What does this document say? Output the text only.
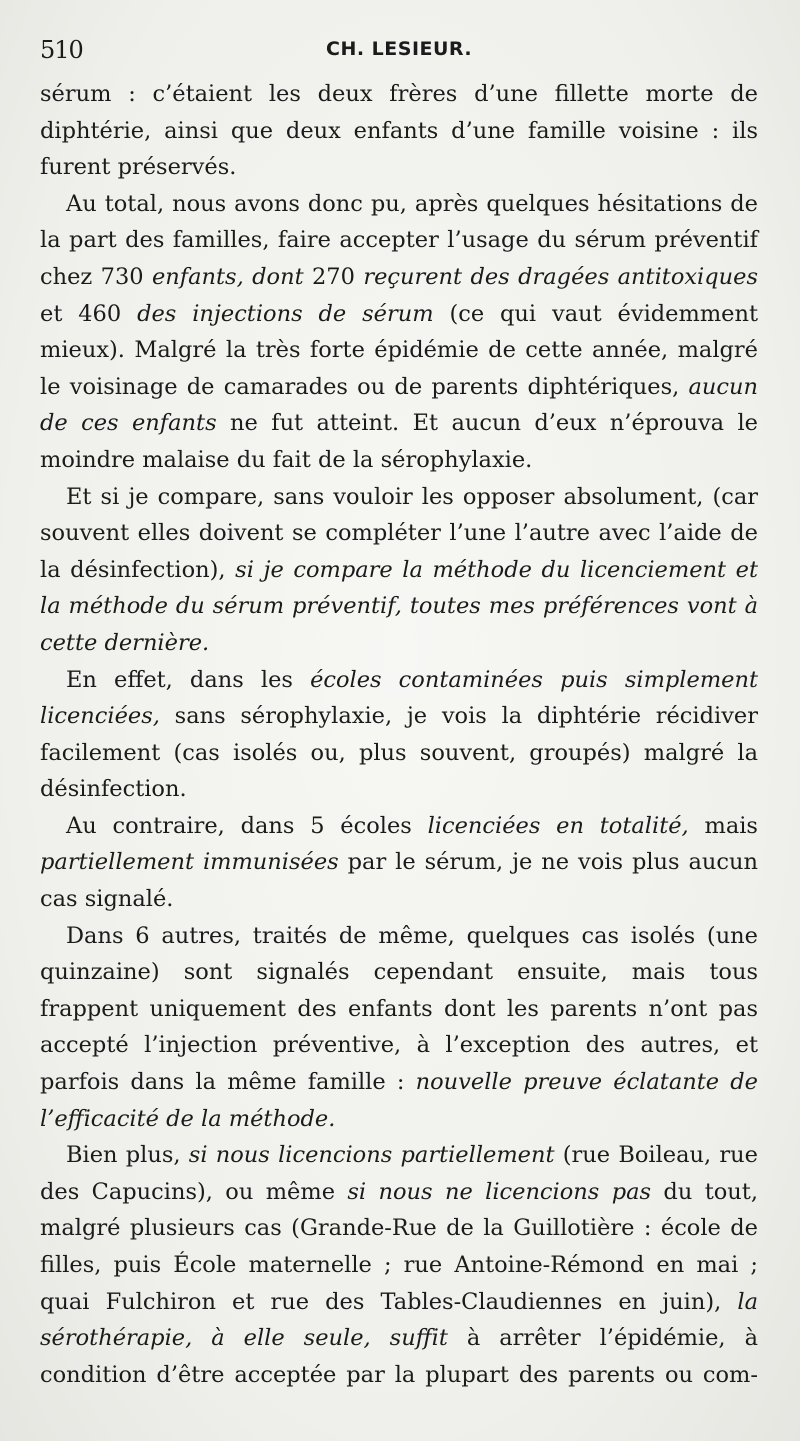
510	CH. LESIEUR.

sérum : c’étaient les deux frères d’une fillette morte de diphtérie, ainsi que deux enfants d’une famille voisine : ils furent préservés.

Au total, nous avons donc pu, après quelques hésitations de la part des familles, faire accepter l’usage du sérum préventif chez 730 enfants, dont 270 reçurent des dragées antitoxiques et 460 des injections de sérum (ce qui vaut évidemment mieux). Malgré la très forte épidémie de cette année, malgré le voisinage de camarades ou de parents diphtériques, aucun de ces enfants ne fut atteint. Et aucun d’eux n’éprouva le moindre malaise du fait de la sérophylaxie.

Et si je compare, sans vouloir les opposer absolument, (car souvent elles doivent se compléter l’une l’autre avec l’aide de la désinfection), si je compare la méthode du licenciement et la méthode du sérum préventif, toutes mes préférences vont à cette dernière.

En effet, dans les écoles contaminées puis simplement licenciées, sans sérophylaxie, je vois la diphtérie récidiver facilement (cas isolés ou, plus souvent, groupés) malgré la désinfection.

Au contraire, dans 5 écoles licenciées en totalité, mais partiellement immunisées par le sérum, je ne vois plus aucun cas signalé.

Dans 6 autres, traités de même, quelques cas isolés (une quinzaine) sont signalés cependant ensuite, mais tous frappent uniquement des enfants dont les parents n’ont pas accepté l’injection préventive, à l’exception des autres, et parfois dans la même famille : nouvelle preuve éclatante de l’efficacité de la méthode.

Bien plus, si nous licencions partiellement (rue Boileau, rue des Capucins), ou même si nous ne licencions pas du tout, malgré plusieurs cas (Grande-Rue de la Guillotière : école de filles, puis École maternelle ; rue Antoine-Rémond en mai ; quai Fulchiron et rue des Tables-Claudiennes en juin), la sérothérapie, à elle seule, suffit à arrêter l’épidémie, à condition d’être acceptée par la plupart des parents ou com-
